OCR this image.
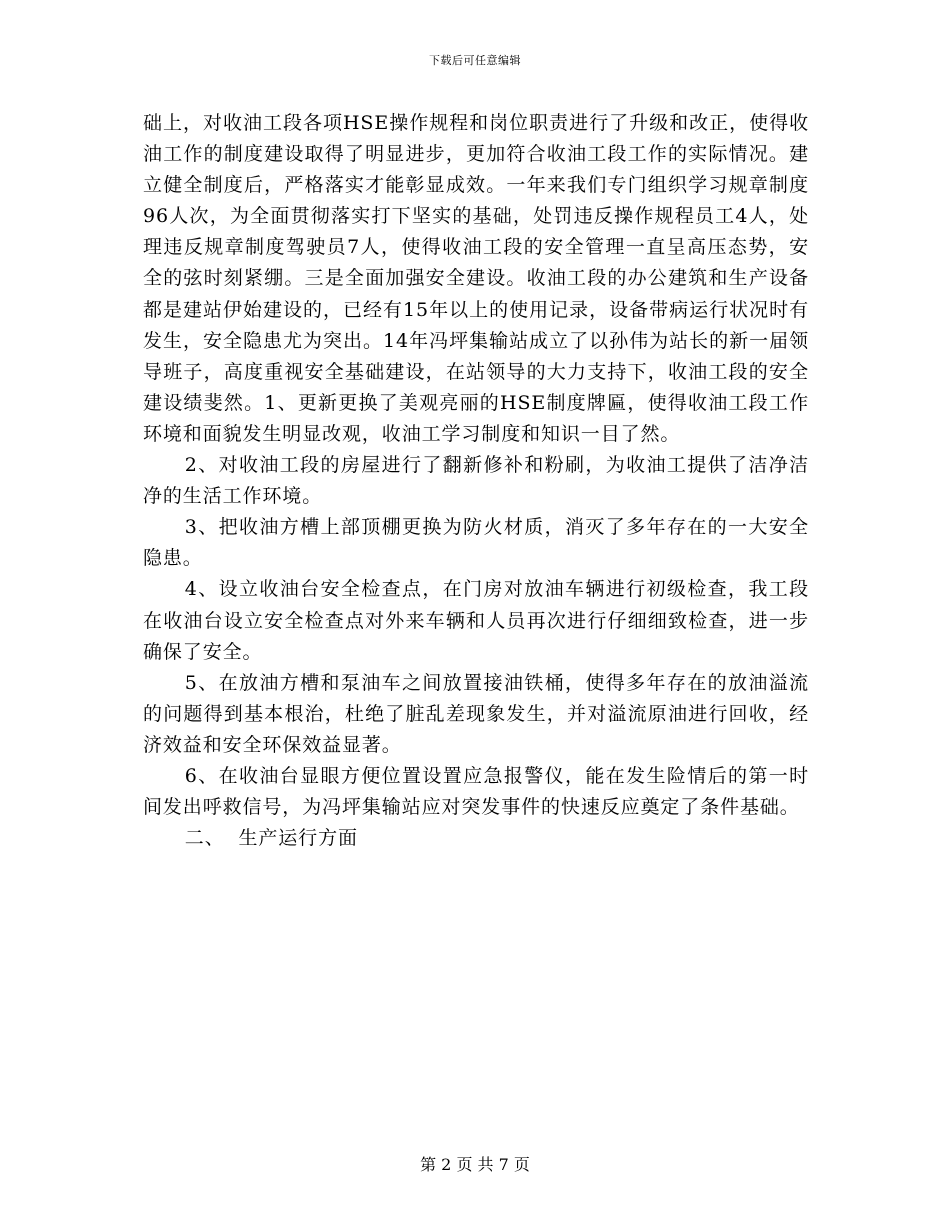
下载后可任意编辑

础上，对收油工段各项HSE操作规程和岗位职责进行了升级和改正，使得收油工作的制度建设取得了明显进步，更加符合收油工段工作的实际情况。建立健全制度后，严格落实才能彰显成效。一年来我们专门组织学习规章制度96人次，为全面贯彻落实打下坚实的基础，处罚违反操作规程员工4人，处理违反规章制度驾驶员7人，使得收油工段的安全管理一直呈高压态势，安全的弦时刻紧绷。三是全面加强安全建设。收油工段的办公建筑和生产设备都是建站伊始建设的，已经有15年以上的使用记录，设备带病运行状况时有发生，安全隐患尤为突出。14年冯坪集输站成立了以孙伟为站长的新一届领导班子，高度重视安全基础建设，在站领导的大力支持下，收油工段的安全建设绩斐然。1、更新更换了美观亮丽的HSE制度牌匾，使得收油工段工作环境和面貌发生明显改观，收油工学习制度和知识一目了然。

2、对收油工段的房屋进行了翻新修补和粉刷，为收油工提供了洁净洁净的生活工作环境。

3、把收油方槽上部顶棚更换为防火材质，消灭了多年存在的一大安全隐患。

4、设立收油台安全检查点，在门房对放油车辆进行初级检查，我工段在收油台设立安全检查点对外来车辆和人员再次进行仔细细致检查，进一步确保了安全。

5、在放油方槽和泵油车之间放置接油铁桶，使得多年存在的放油溢流的问题得到基本根治，杜绝了脏乱差现象发生，并对溢流原油进行回收，经济效益和安全环保效益显著。

6、在收油台显眼方便位置设置应急报警仪，能在发生险情后的第一时间发出呼救信号，为冯坪集输站应对突发事件的快速反应奠定了条件基础。

二、  生产运行方面

第 2 页 共 7 页
